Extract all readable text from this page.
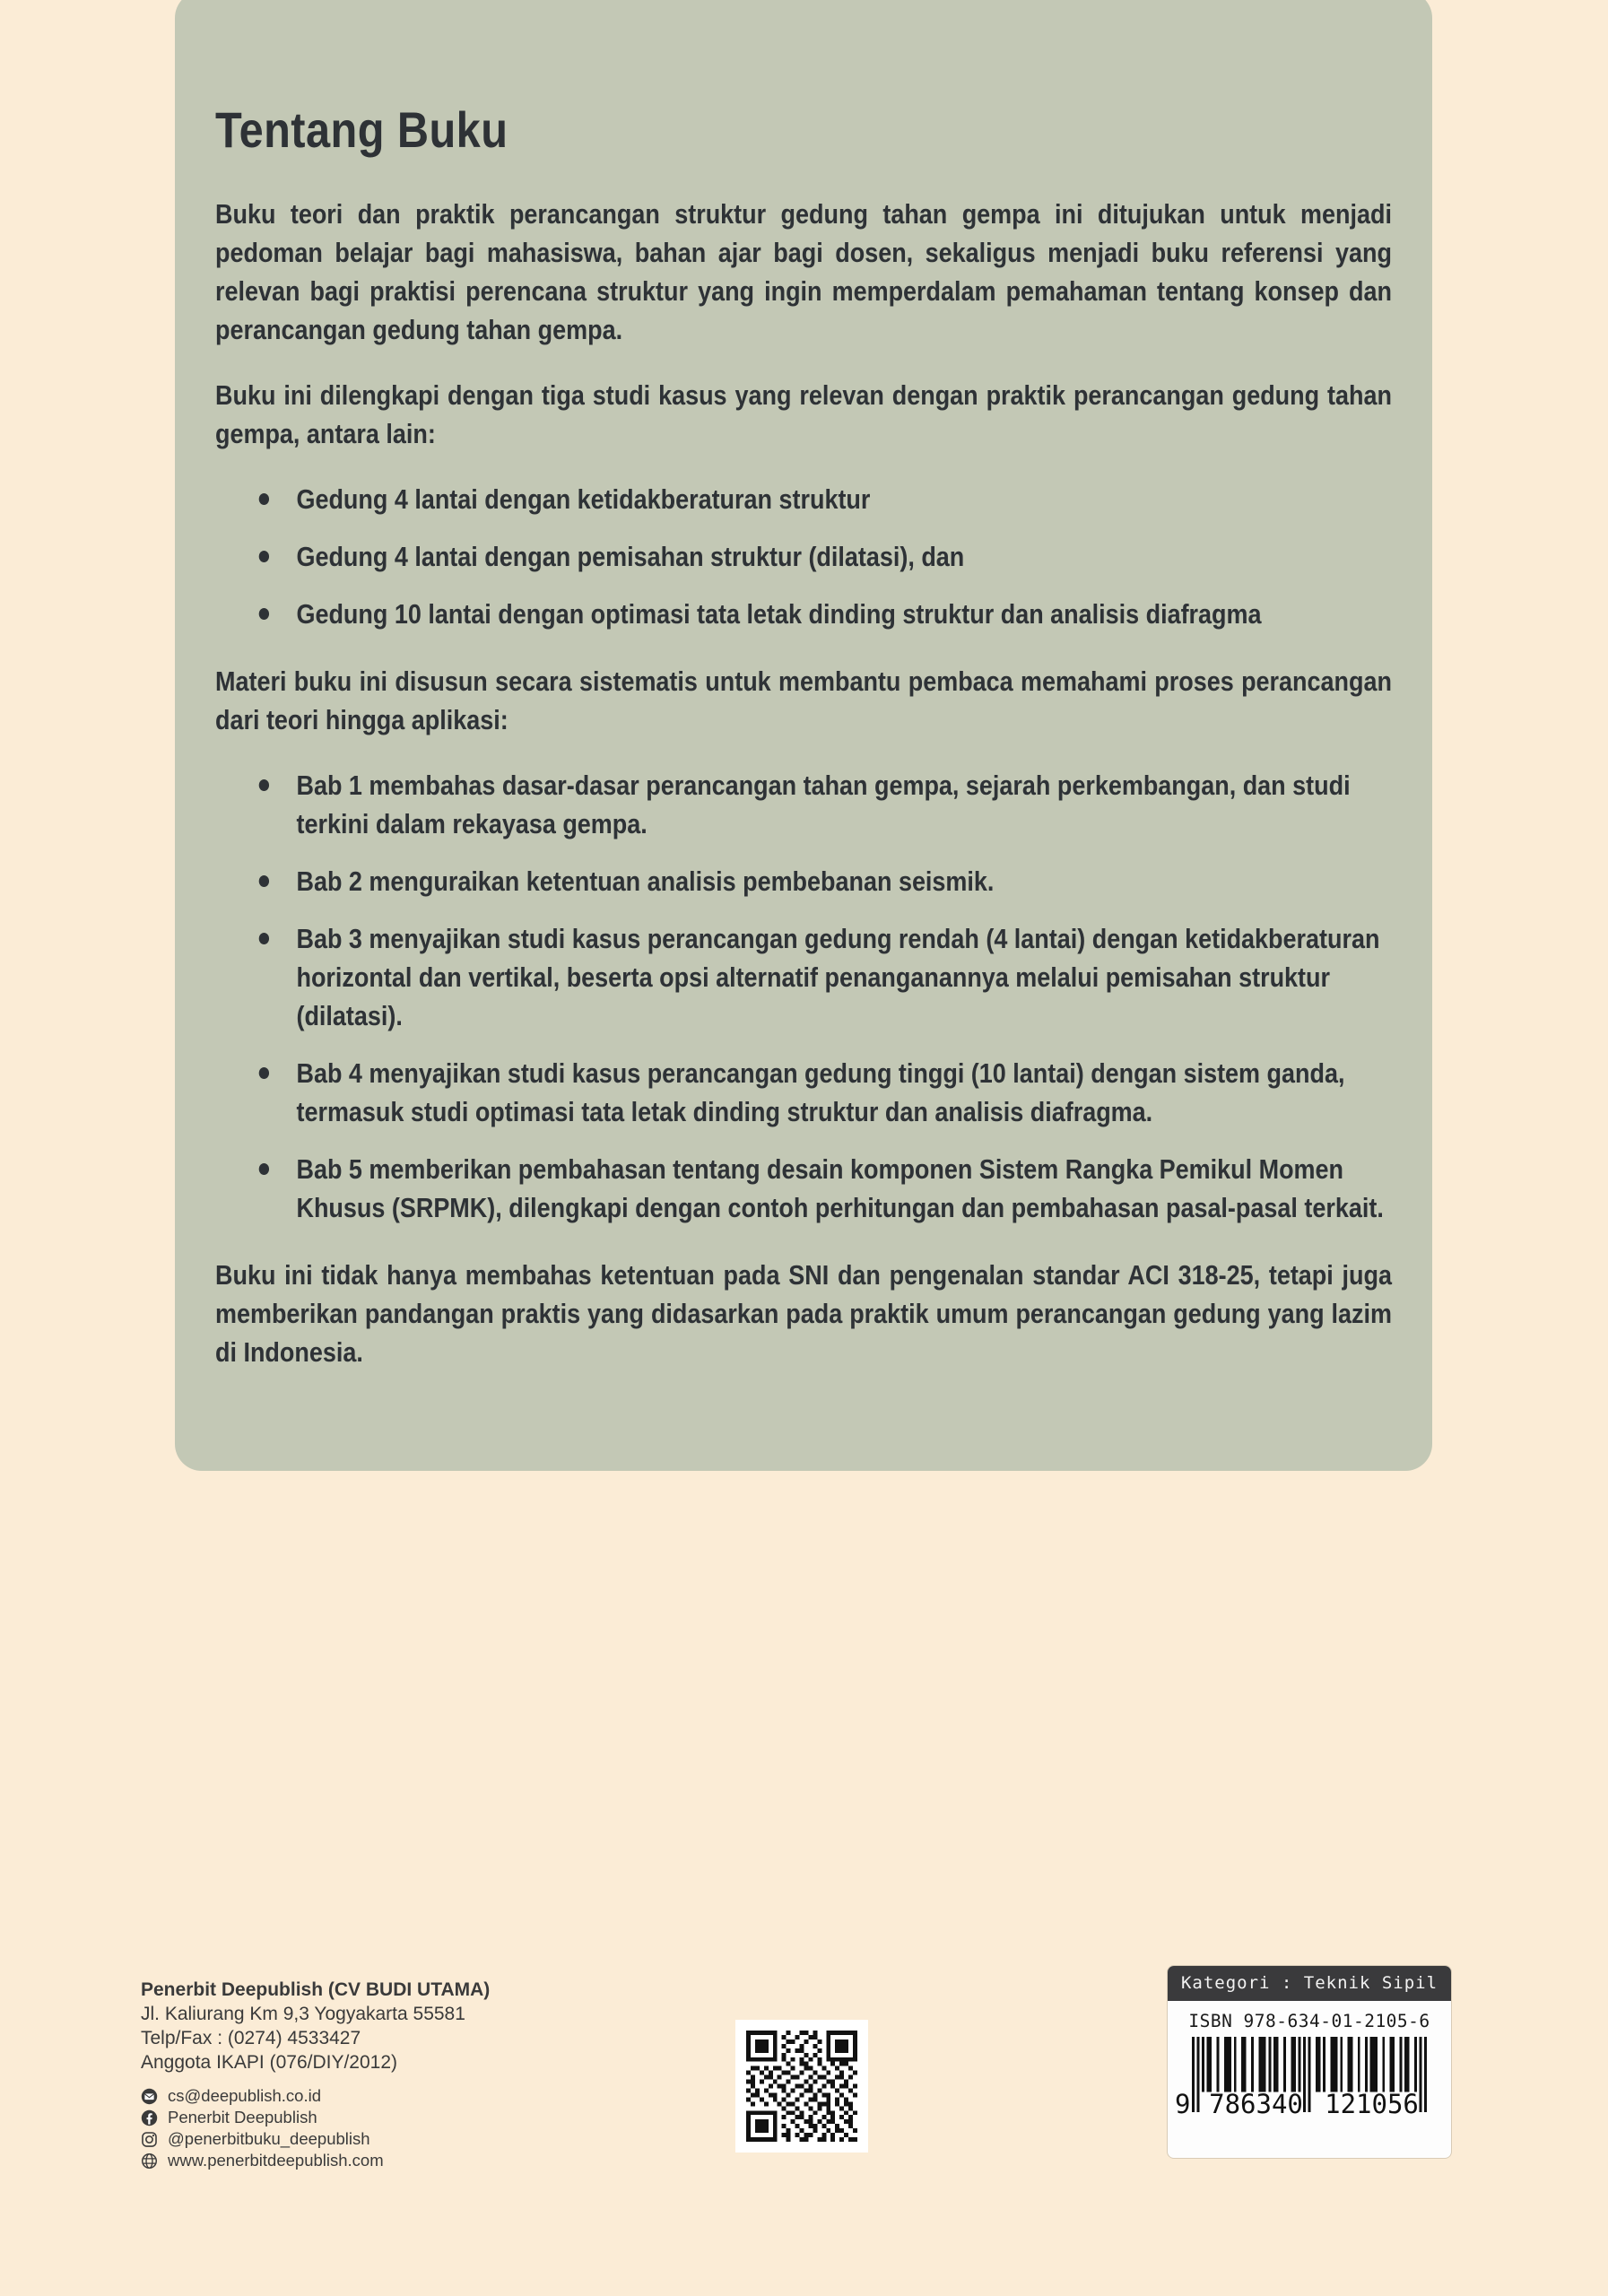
Tentang Buku

Buku teori dan praktik perancangan struktur gedung tahan gempa ini ditujukan untuk menjadi pedoman belajar bagi mahasiswa, bahan ajar bagi dosen, sekaligus menjadi buku referensi yang relevan bagi praktisi perencana struktur yang ingin memperdalam pemahaman tentang konsep dan perancangan gedung tahan gempa.

Buku ini dilengkapi dengan tiga studi kasus yang relevan dengan praktik perancangan gedung tahan gempa, antara lain:

Gedung 4 lantai dengan ketidakberaturan struktur
Gedung 4 lantai dengan pemisahan struktur (dilatasi), dan
Gedung 10 lantai dengan optimasi tata letak dinding struktur dan analisis diafragma

Materi buku ini disusun secara sistematis untuk membantu pembaca memahami proses perancangan dari teori hingga aplikasi:

Bab 1 membahas dasar-dasar perancangan tahan gempa, sejarah perkembangan, dan studi terkini dalam rekayasa gempa.
Bab 2 menguraikan ketentuan analisis pembebanan seismik.
Bab 3 menyajikan studi kasus perancangan gedung rendah (4 lantai) dengan ketidakberaturan horizontal dan vertikal, beserta opsi alternatif penanganannya melalui pemisahan struktur (dilatasi).
Bab 4 menyajikan studi kasus perancangan gedung tinggi (10 lantai) dengan sistem ganda, termasuk studi optimasi tata letak dinding struktur dan analisis diafragma.
Bab 5 memberikan pembahasan tentang desain komponen Sistem Rangka Pemikul Momen Khusus (SRPMK), dilengkapi dengan contoh perhitungan dan pembahasan pasal-pasal terkait.

Buku ini tidak hanya membahas ketentuan pada SNI dan pengenalan standar ACI 318-25, tetapi juga memberikan pandangan praktis yang didasarkan pada praktik umum perancangan gedung yang lazim di Indonesia.

Penerbit Deepublish (CV BUDI UTAMA)
Jl. Kaliurang Km 9,3 Yogyakarta 55581
Telp/Fax : (0274) 4533427
Anggota IKAPI (076/DIY/2012)
cs@deepublish.co.id
Penerbit Deepublish
@penerbitbuku_deepublish
www.penerbitdeepublish.com
Kategori : Teknik Sipil
ISBN 978-634-01-2105-6
9 786340 121056
